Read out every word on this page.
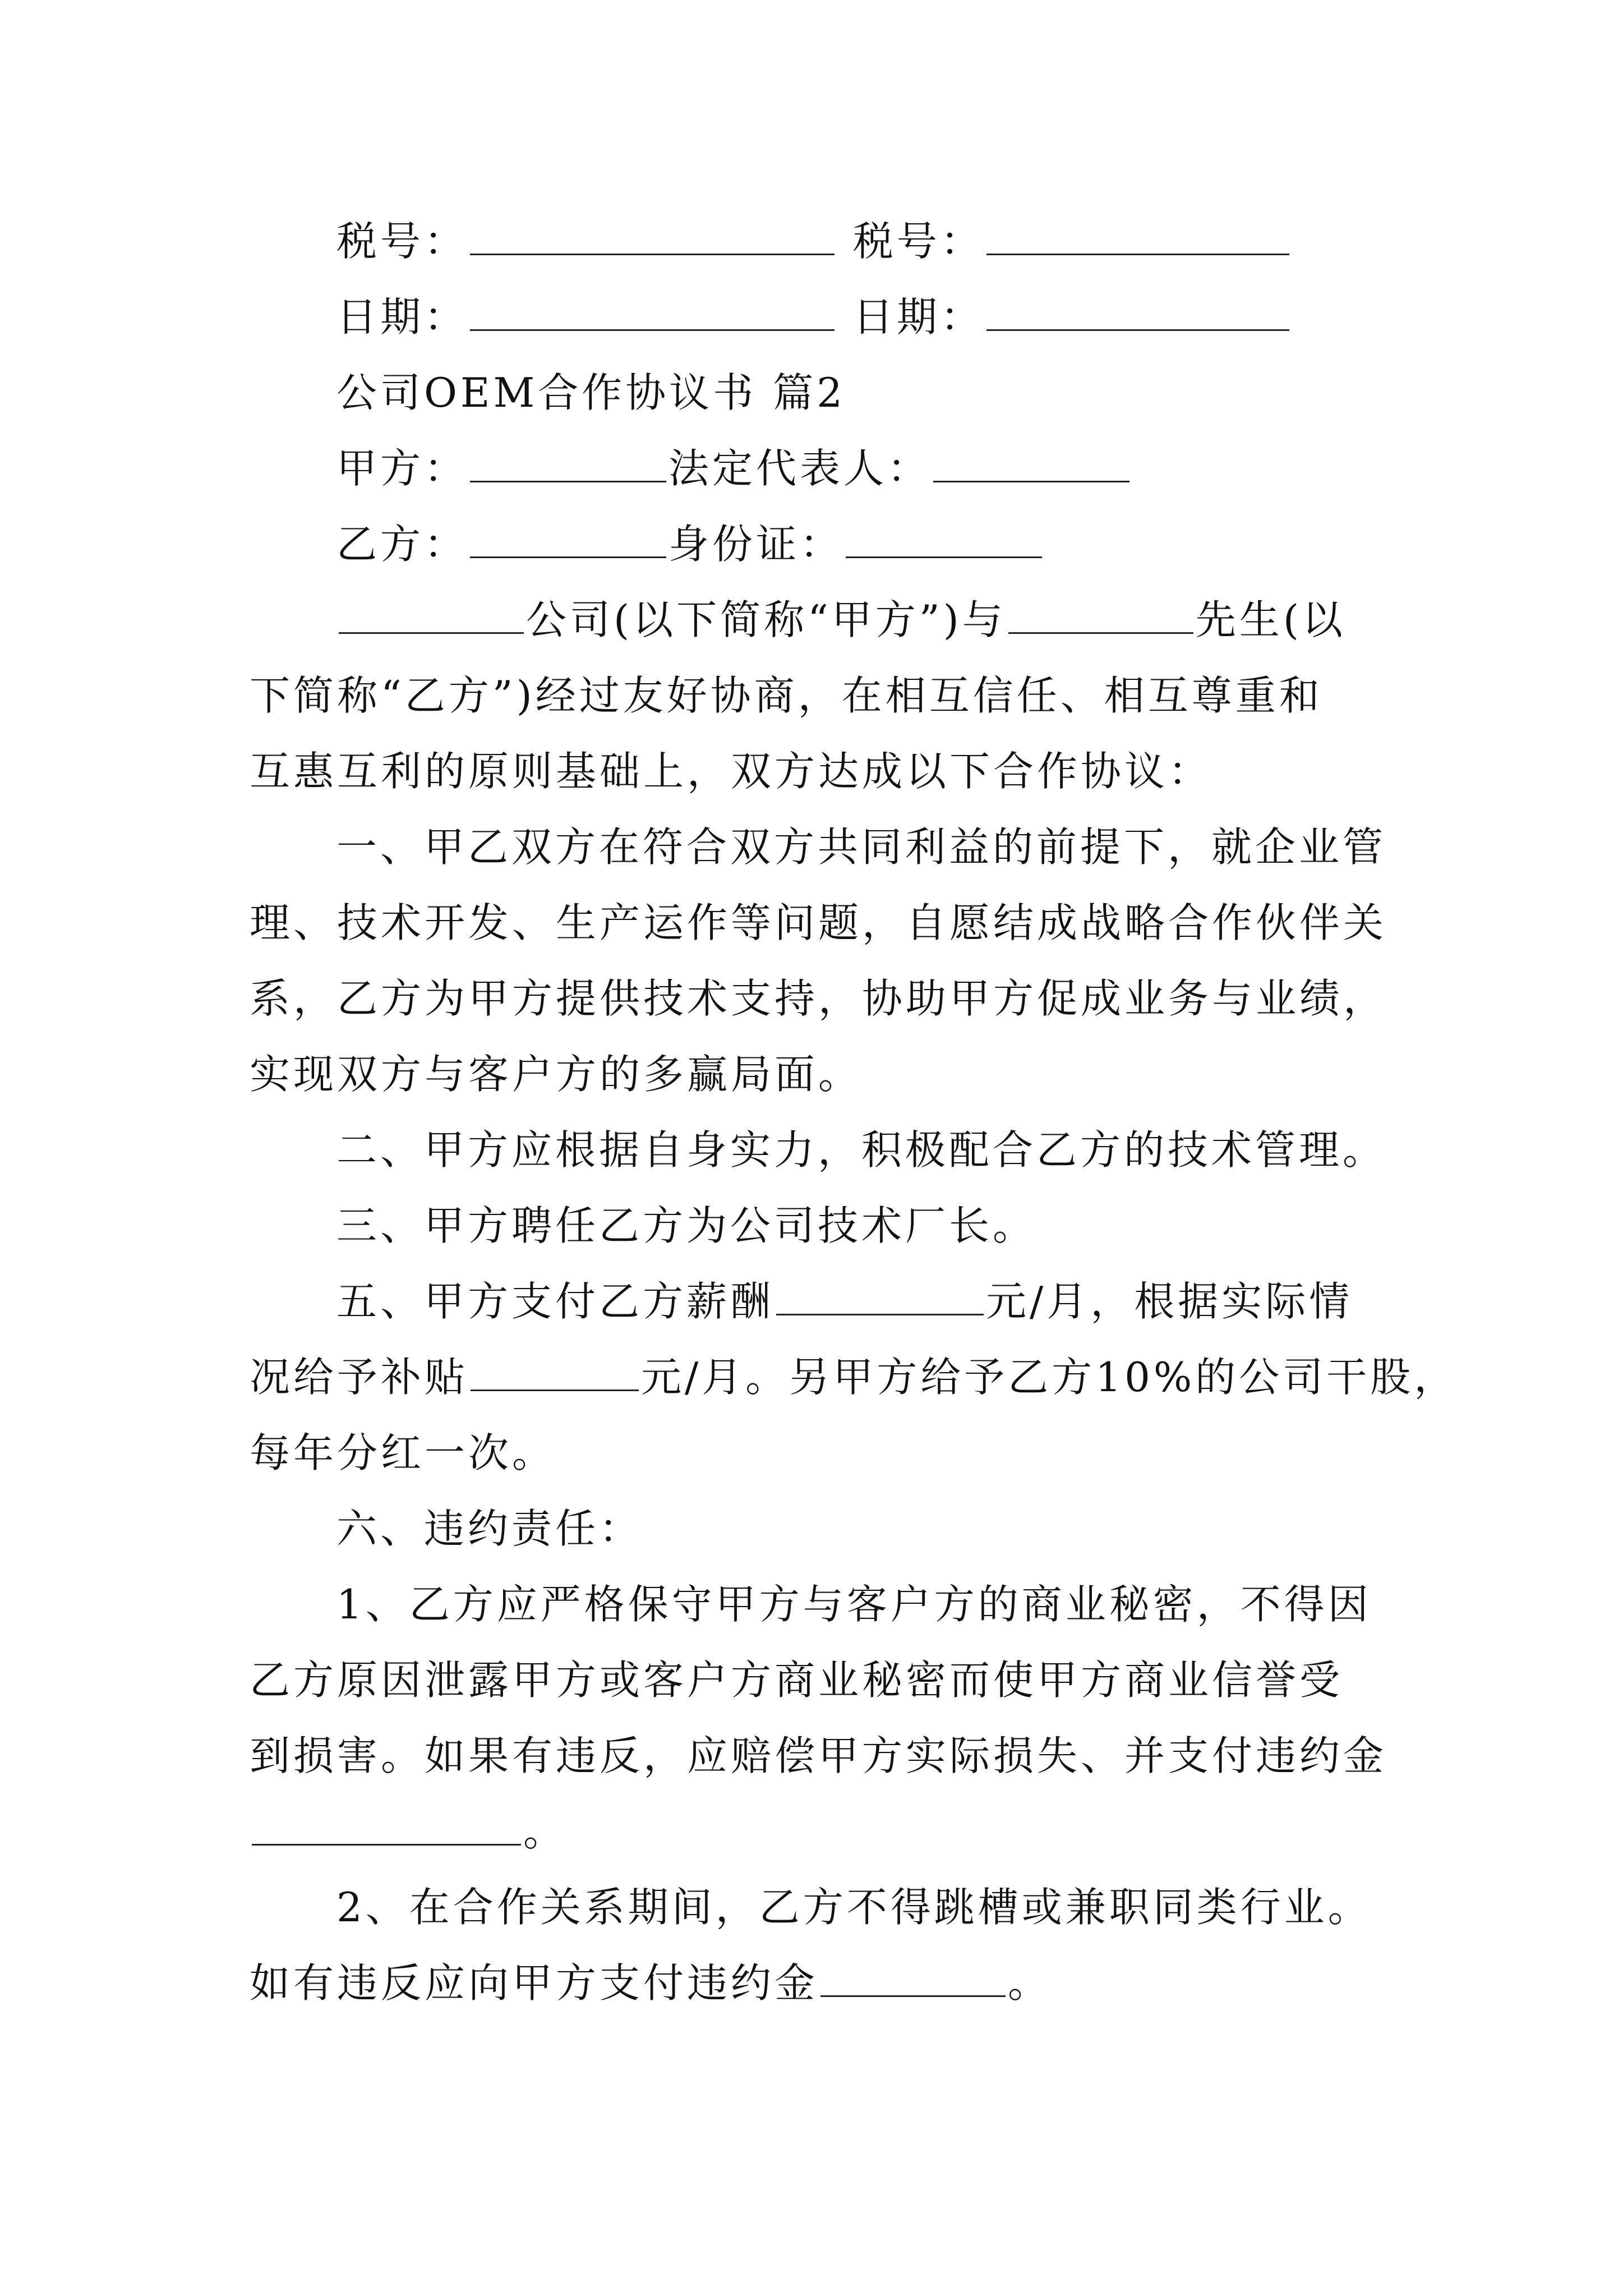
税号：	税号：
日期：	日期：
公司OEM合作协议书 篇2
甲方：	法定代表人：
乙方：	身份证：
公司(以下简称“甲方”)与	先生(以
下简称“乙方”)经过友好协商，在相互信任、相互尊重和
互惠互利的原则基础上，双方达成以下合作协议：
一、甲乙双方在符合双方共同利益的前提下，就企业管
理、技术开发、生产运作等问题，自愿结成战略合作伙伴关
系，乙方为甲方提供技术支持，协助甲方促成业务与业绩，
实现双方与客户方的多赢局面。
二、甲方应根据自身实力，积极配合乙方的技术管理。
三、甲方聘任乙方为公司技术厂长。
五、甲方支付乙方薪酬	元/月，根据实际情
况给予补贴	元/月。另甲方给予乙方10%的公司干股，
每年分红一次。
六、违约责任：
1、乙方应严格保守甲方与客户方的商业秘密，不得因
乙方原因泄露甲方或客户方商业秘密而使甲方商业信誉受
到损害。如果有违反，应赔偿甲方实际损失、并支付违约金
。
2、在合作关系期间，乙方不得跳槽或兼职同类行业。
如有违反应向甲方支付违约金	。
